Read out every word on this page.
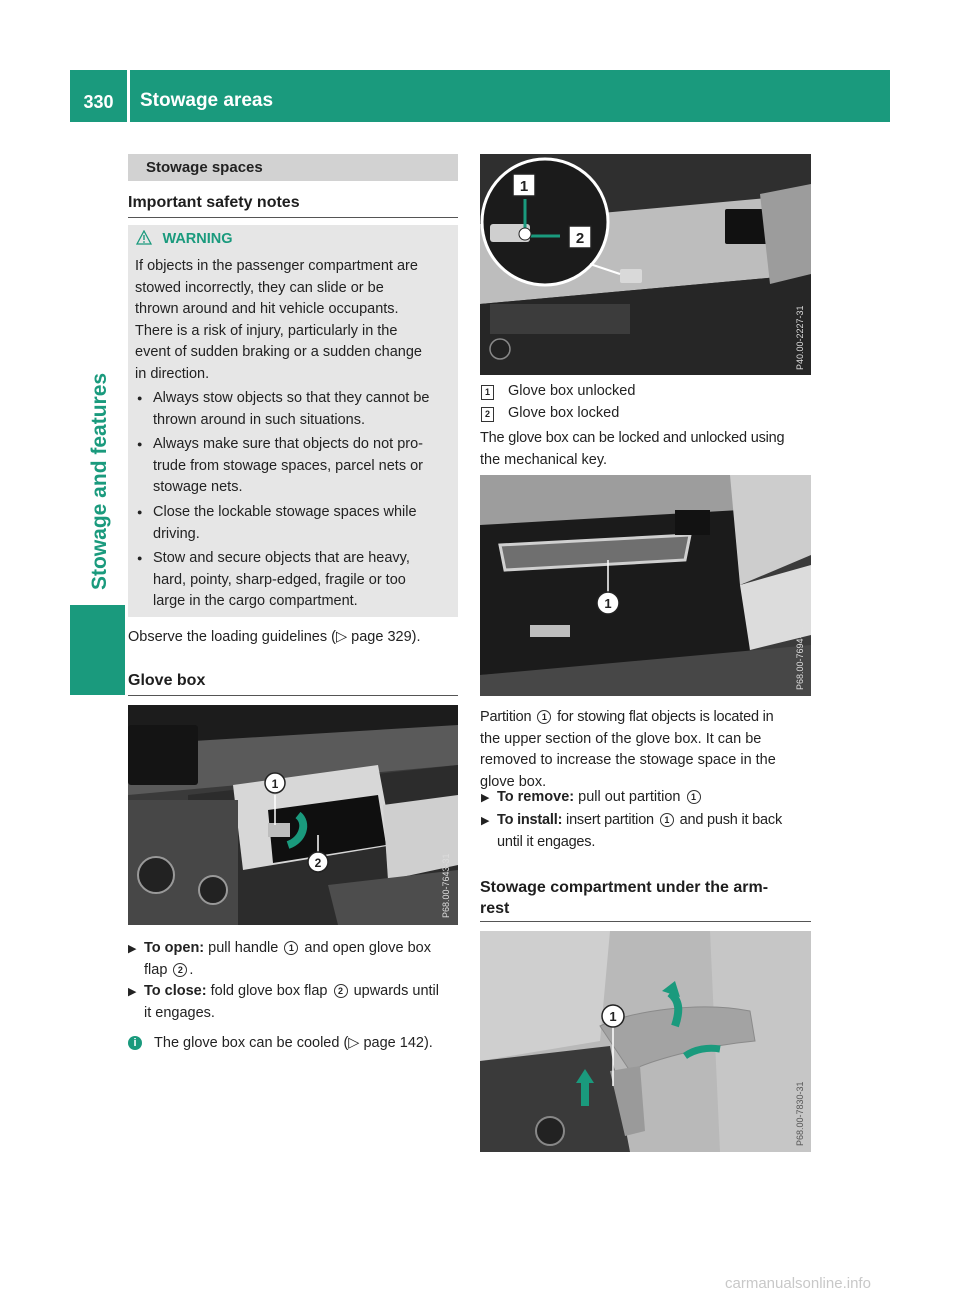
330	Stowage areas
Stowage and features
Stowage spaces
Important safety notes
WARNING
If objects in the passenger compartment are
stowed incorrectly, they can slide or be
thrown around and hit vehicle occupants.
There is a risk of injury, particularly in the
event of sudden braking or a sudden change
in direction.
● Always stow objects so that they cannot be
thrown around in such situations.
● Always make sure that objects do not pro-
trude from stowage spaces, parcel nets or
stowage nets.
● Close the lockable stowage spaces while
driving.
● Stow and secure objects that are heavy,
hard, pointy, sharp-edged, fragile or too
large in the cargo compartment.
Observe the loading guidelines (▷ page 329).
Glove box
1
2	P68.00-7643-31
▶ To open: pull handle 1 and open glove box
flap 2 .
▶ To close: fold glove box flap 2 upwards until
it engages.
i The glove box can be cooled (▷ page 142).
1
2
P40.00-2227-31
1 Glove box unlocked
2 Glove box locked
The glove box can be locked and unlocked using
the mechanical key.
1
P68.00-7694-31
Partition 1 for stowing flat objects is located in
the upper section of the glove box. It can be
removed to increase the stowage space in the
glove box.
▶ To remove: pull out partition 1
▶ To install: insert partition 1 and push it back
until it engages.
Stowage compartment under the arm-
rest
1
P68.00-7830-31
carmanualsonline.info
